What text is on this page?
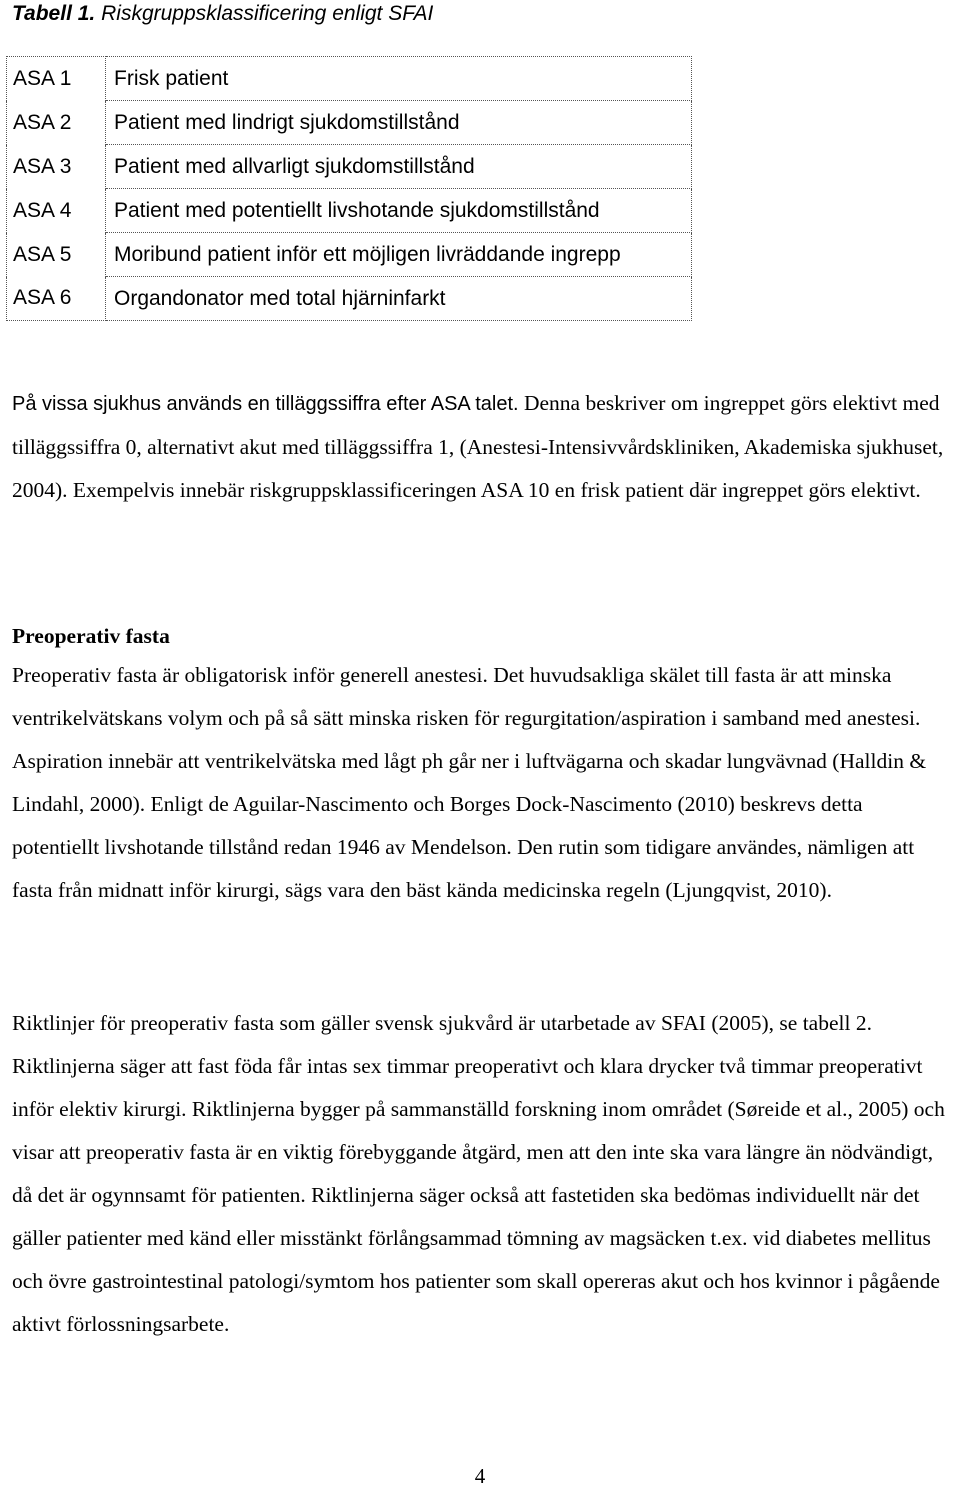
Tabell 1. Riskgruppsklassificering enligt SFAI
ASA 1	Frisk patient
ASA 2	Patient med lindrigt sjukdomstillstånd
ASA 3	Patient med allvarligt sjukdomstillstånd
ASA 4	Patient med potentiellt livshotande sjukdomstillstånd
ASA 5	Moribund patient inför ett möjligen livräddande ingrepp
ASA 6	Organdonator med total hjärninfarkt
På vissa sjukhus används en tilläggssiffra efter ASA talet. Denna beskriver om ingreppet görs elektivt med tilläggssiffra 0, alternativt akut med tilläggssiffra 1, (Anestesi-Intensivvårdskliniken, Akademiska sjukhuset, 2004). Exempelvis innebär riskgruppsklassificeringen ASA 10 en frisk patient där ingreppet görs elektivt.
Preoperativ fasta
Preoperativ fasta är obligatorisk inför generell anestesi. Det huvudsakliga skälet till fasta är att minska ventrikelvätskans volym och på så sätt minska risken för regurgitation/aspiration i samband med anestesi. Aspiration innebär att ventrikelvätska med lågt ph går ner i luftvägarna och skadar lungvävnad (Halldin & Lindahl, 2000). Enligt de Aguilar-Nascimento och Borges Dock-Nascimento (2010) beskrevs detta potentiellt livshotande tillstånd redan 1946 av Mendelson. Den rutin som tidigare användes, nämligen att fasta från midnatt inför kirurgi, sägs vara den bäst kända medicinska regeln (Ljungqvist, 2010).
Riktlinjer för preoperativ fasta som gäller svensk sjukvård är utarbetade av SFAI (2005), se tabell 2. Riktlinjerna säger att fast föda får intas sex timmar preoperativt och klara drycker två timmar preoperativt inför elektiv kirurgi. Riktlinjerna bygger på sammanställd forskning inom området (Søreide et al., 2005) och visar att preoperativ fasta är en viktig förebyggande åtgärd, men att den inte ska vara längre än nödvändigt, då det är ogynnsamt för patienten. Riktlinjerna säger också att fastetiden ska bedömas individuellt när det gäller patienter med känd eller misstänkt förlångsammad tömning av magsäcken t.ex. vid diabetes mellitus och övre gastrointestinal patologi/symtom hos patienter som skall opereras akut och hos kvinnor i pågående aktivt förlossningsarbete.
4
